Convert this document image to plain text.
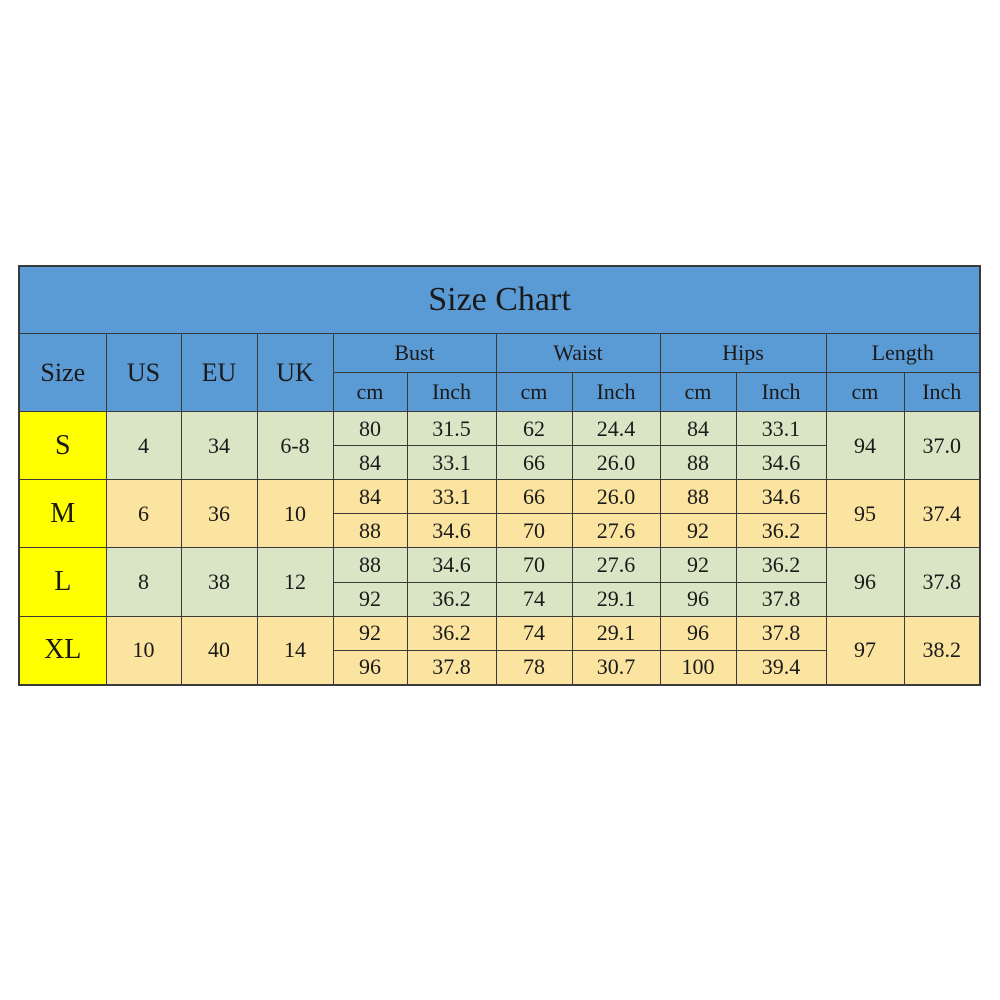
Size Chart											
Size	US	EU	UK	Bust		Waist		Hips		Length	
				cm	Inch	cm	Inch	cm	Inch	cm	Inch
S	4	34	6-8	80	31.5	62	24.4	84	33.1	94	37.0
				84	33.1	66	26.0	88	34.6		
M	6	36	10	84	33.1	66	26.0	88	34.6	95	37.4
				88	34.6	70	27.6	92	36.2		
L	8	38	12	88	34.6	70	27.6	92	36.2	96	37.8
				92	36.2	74	29.1	96	37.8		
XL	10	40	14	92	36.2	74	29.1	96	37.8	97	38.2
				96	37.8	78	30.7	100	39.4		
